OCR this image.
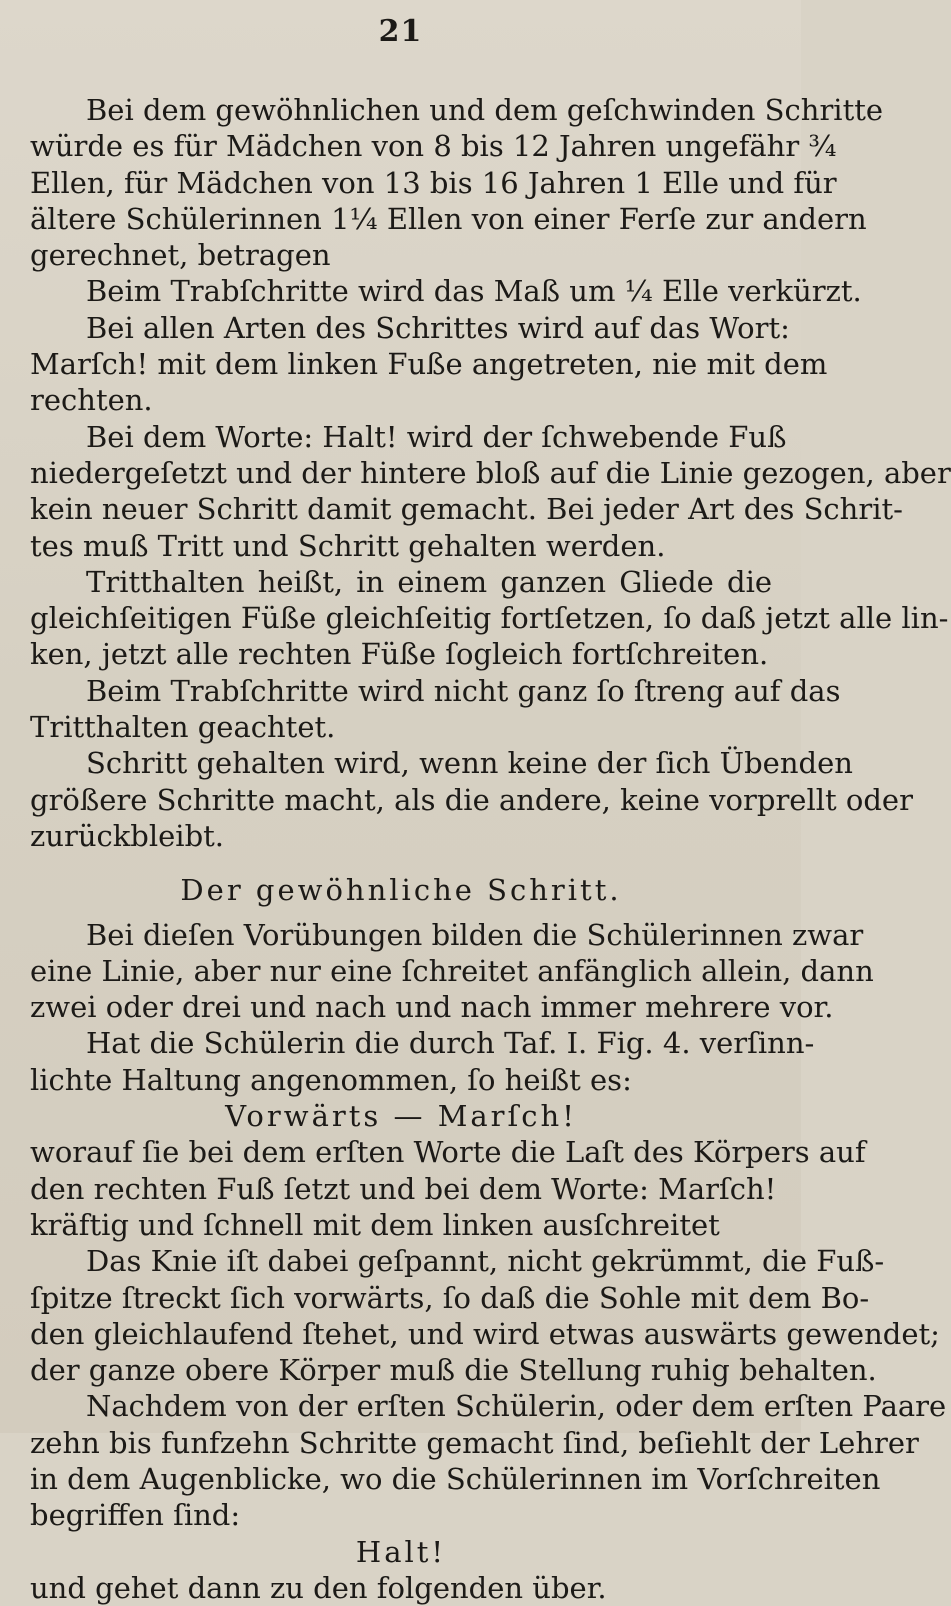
21
Bei dem gewöhnlichen und dem geſchwinden Schritte
würde es für Mädchen von 8 bis 12 Jahren ungefähr ¾
Ellen, für Mädchen von 13 bis 16 Jahren 1 Elle und für
ältere Schülerinnen 1¼ Ellen von einer Ferſe zur andern
gerechnet, betragen
Beim Trabſchritte wird das Maß um ¼ Elle verkürzt.
Bei allen Arten des Schrittes wird auf das Wort:
Marſch! mit dem linken Fuße angetreten, nie mit dem
rechten.
Bei dem Worte: Halt! wird der ſchwebende Fuß
niedergeſetzt und der hintere bloß auf die Linie gezogen, aber
kein neuer Schritt damit gemacht. Bei jeder Art des Schrit-
tes muß Tritt und Schritt gehalten werden.
Tritthalten heißt, in einem ganzen Gliede die
gleichſeitigen Füße gleichſeitig fortſetzen, ſo daß jetzt alle lin-
ken, jetzt alle rechten Füße ſogleich fortſchreiten.
Beim Trabſchritte wird nicht ganz ſo ſtreng auf das
Tritthalten geachtet.
Schritt gehalten wird, wenn keine der ſich Übenden
größere Schritte macht, als die andere, keine vorprellt oder
zurückbleibt.
Der gewöhnliche Schritt.
Bei dieſen Vorübungen bilden die Schülerinnen zwar
eine Linie, aber nur eine ſchreitet anfänglich allein, dann
zwei oder drei und nach und nach immer mehrere vor.
Hat die Schülerin die durch Taf. I. Fig. 4. verſinn-
lichte Haltung angenommen, ſo heißt es:
Vorwärts — Marſch!
worauf ſie bei dem erſten Worte die Laſt des Körpers auf
den rechten Fuß ſetzt und bei dem Worte: Marſch!
kräftig und ſchnell mit dem linken ausſchreitet
Das Knie iſt dabei geſpannt, nicht gekrümmt, die Fuß-
ſpitze ſtreckt ſich vorwärts, ſo daß die Sohle mit dem Bo-
den gleichlaufend ſtehet, und wird etwas auswärts gewendet;
der ganze obere Körper muß die Stellung ruhig behalten.
Nachdem von der erſten Schülerin, oder dem erſten Paare
zehn bis funfzehn Schritte gemacht ſind, beſiehlt der Lehrer
in dem Augenblicke, wo die Schülerinnen im Vorſchreiten
begriffen ſind:
Halt!
und gehet dann zu den folgenden über.
